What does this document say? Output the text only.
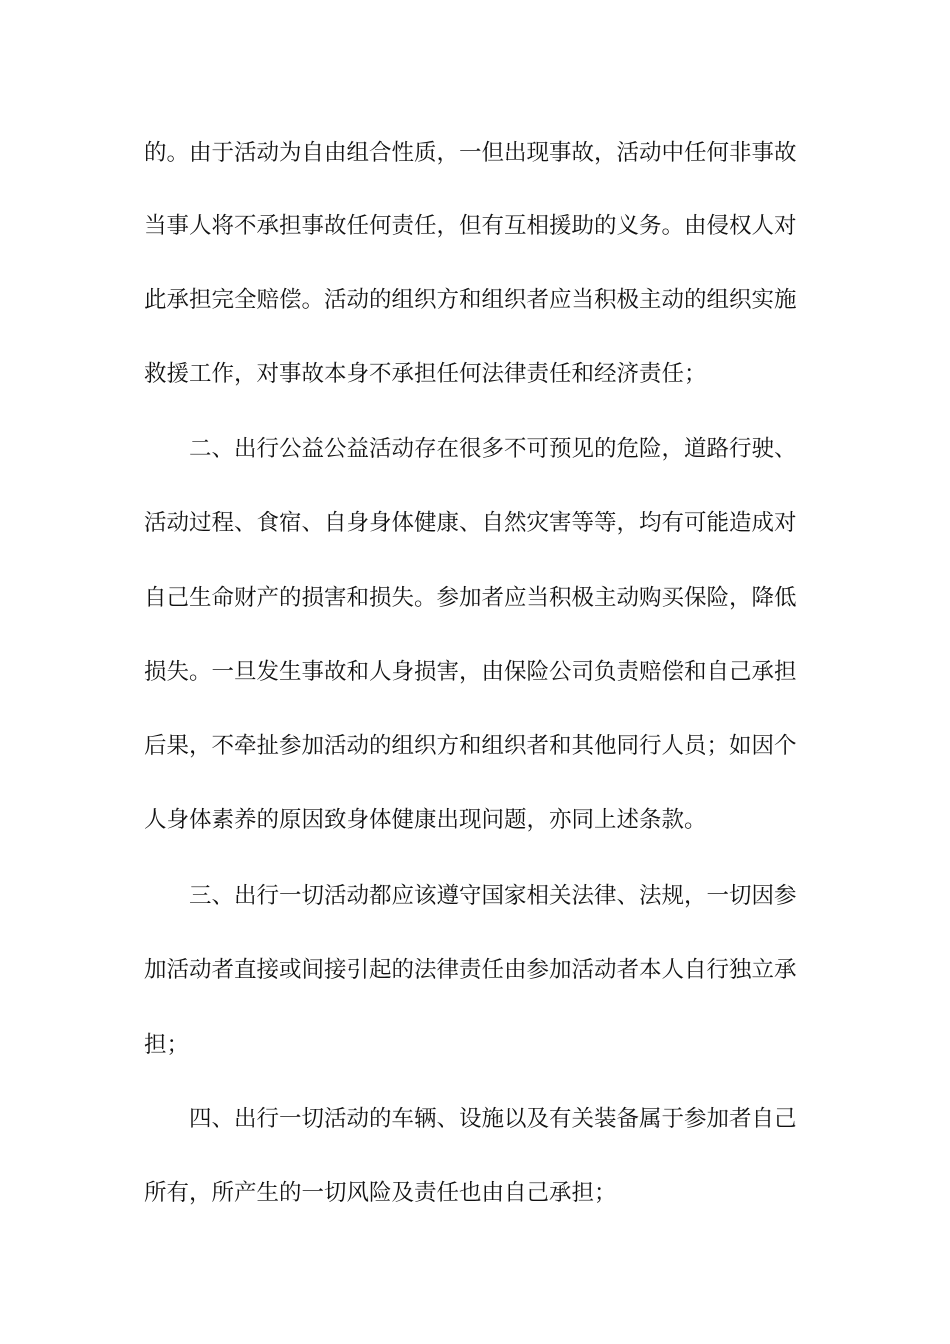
的。由于活动为自由组合性质，一但出现事故，活动中任何非事故
当事人将不承担事故任何责任，但有互相援助的义务。由侵权人对
此承担完全赔偿。活动的组织方和组织者应当积极主动的组织实施
救援工作，对事故本身不承担任何法律责任和经济责任；
二、出行公益公益活动存在很多不可预见的危险，道路行驶、
活动过程、食宿、自身身体健康、自然灾害等等，均有可能造成对
自己生命财产的损害和损失。参加者应当积极主动购买保险，降低
损失。一旦发生事故和人身损害，由保险公司负责赔偿和自己承担
后果，不牵扯参加活动的组织方和组织者和其他同行人员；如因个
人身体素养的原因致身体健康出现问题，亦同上述条款。
三、出行一切活动都应该遵守国家相关法律、法规，一切因参
加活动者直接或间接引起的法律责任由参加活动者本人自行独立承
担；
四、出行一切活动的车辆、设施以及有关装备属于参加者自己
所有，所产生的一切风险及责任也由自己承担；
